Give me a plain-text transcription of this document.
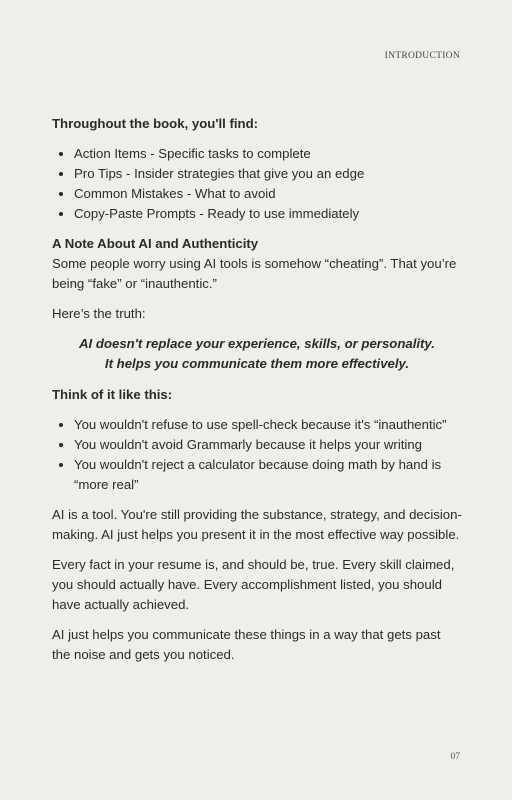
INTRODUCTION

Throughout the book, you'll find:

• Action Items - Specific tasks to complete
• Pro Tips - Insider strategies that give you an edge
• Common Mistakes - What to avoid
• Copy-Paste Prompts - Ready to use immediately

A Note About AI and Authenticity

Some people worry using AI tools is somehow “cheating”. That you’re being “fake” or “inauthentic.”

Here’s the truth:

AI doesn't replace your experience, skills, or personality.
It helps you communicate them more effectively.

Think of it like this:

• You wouldn't refuse to use spell-check because it's “inauthentic”
• You wouldn't avoid Grammarly because it helps your writing
• You wouldn't reject a calculator because doing math by hand is “more real”

AI is a tool. You're still providing the substance, strategy, and decision-making. AI just helps you present it in the most effective way possible.

Every fact in your resume is, and should be, true. Every skill claimed, you should actually have. Every accomplishment listed, you should have actually achieved.

AI just helps you communicate these things in a way that gets past the noise and gets you noticed.

07
